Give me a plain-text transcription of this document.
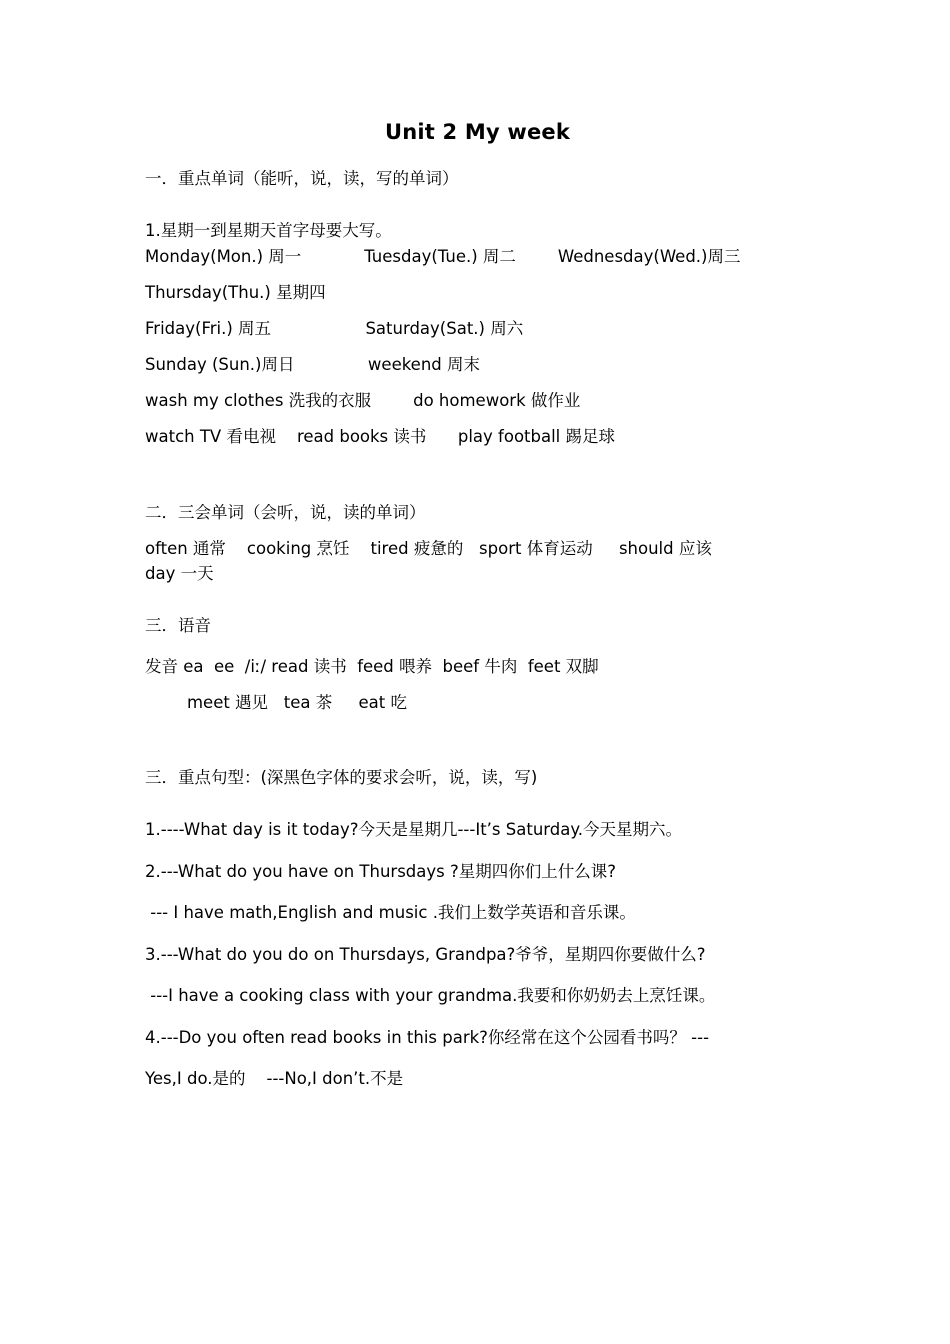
Unit 2 My week

一．重点单词（能听，说，读，写的单词）

1.星期一到星期天首字母要大写。

Monday(Mon.) 周一            Tuesday(Tue.) 周二        Wednesday(Wed.)周三

Thursday(Thu.) 星期四

Friday(Fri.) 周五                  Saturday(Sat.) 周六

Sunday (Sun.)周日              weekend 周末

wash my clothes 洗我的衣服        do homework 做作业

watch TV 看电视    read books 读书      play football 踢足球

二．三会单词（会听，说，读的单词）

often 通常    cooking 烹饪    tired 疲惫的   sport 体育运动     should 应该

day 一天

三．语音

发音 ea  ee  /iː/ read 读书  feed 喂养  beef 牛肉  feet 双脚

meet 遇见   tea 茶     eat 吃

三．重点句型：(深黑色字体的要求会听，说，读，写)

1.----What day is it today?今天是星期几---It’s Saturday.今天星期六。

2.---What do you have on Thursdays ?星期四你们上什么课?

--- I have math,English and music .我们上数学英语和音乐课。

3.---What do you do on Thursdays, Grandpa?爷爷，星期四你要做什么?

---I have a cooking class with your grandma.我要和你奶奶去上烹饪课。

4.---Do you often read books in this park?你经常在这个公园看书吗？ ---

Yes,I do.是的    ---No,I don’t.不是
